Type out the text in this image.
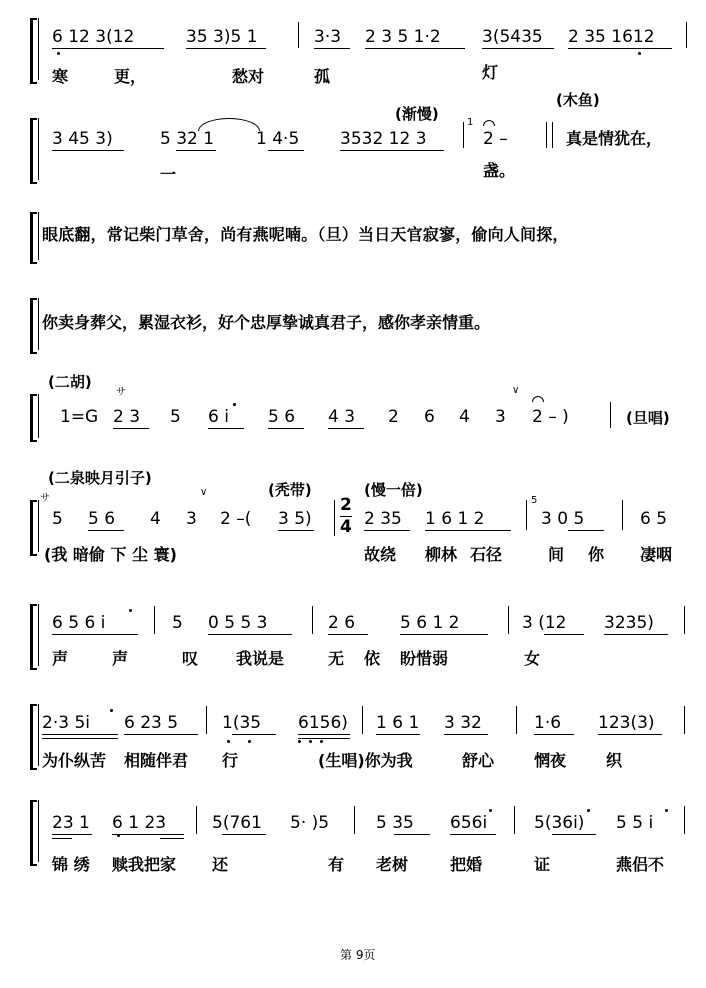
6 12 3(12	35 3)5 1	3·3 2 3 5 1·2 3(5435 2 35 1612
寒	更，	愁对	孤	灯
(渐慢)
(木鱼)
3 45 3)	5 32 1 1 4·5 3532 12 3
1
2 –
一	盏。
真是情犹在，
眼底翻，常记柴门草舍，尚有燕呢喃。（旦）当日天官寂寥，偷向人间探，
你卖身葬父，累湿衣衫，好个忠厚挚诚真君子，感你孝亲情重。
(二胡)
サ
1=G 2 3 5 6 i 5 6 4 3 2 6 4 3
∨
2 – )	(旦唱)
(二泉映月引子)
∨	(秃带)	(慢一倍)
サ
5 5 6 4 3 2 –( 3 5)
2
4 2 35 1 6 1 2
5
3 0 5	6 5
(我 暗偷 下 尘 寰)	故绕 柳林 石径	间 你 凄咽
6 5 6 i	5 0 5 5 3	2 6	5 6 1 2	3 (12 3235)
声	声	叹 我说是	无 依 盼惜弱	女
2·3 5i 6 23 5	1(35 6156) 1 6 1 3 32	1·6 123(3)
为仆纵苦 相随伴君 行	(生唱)你为我	舒心 惘夜 织
23 1 6 1 23	5(761 5· )5	5 35 656i	5(36i) 5 5 i
锦 绣 赎我把家 还	有 老树	把婚	证	燕侣不
第 9页
